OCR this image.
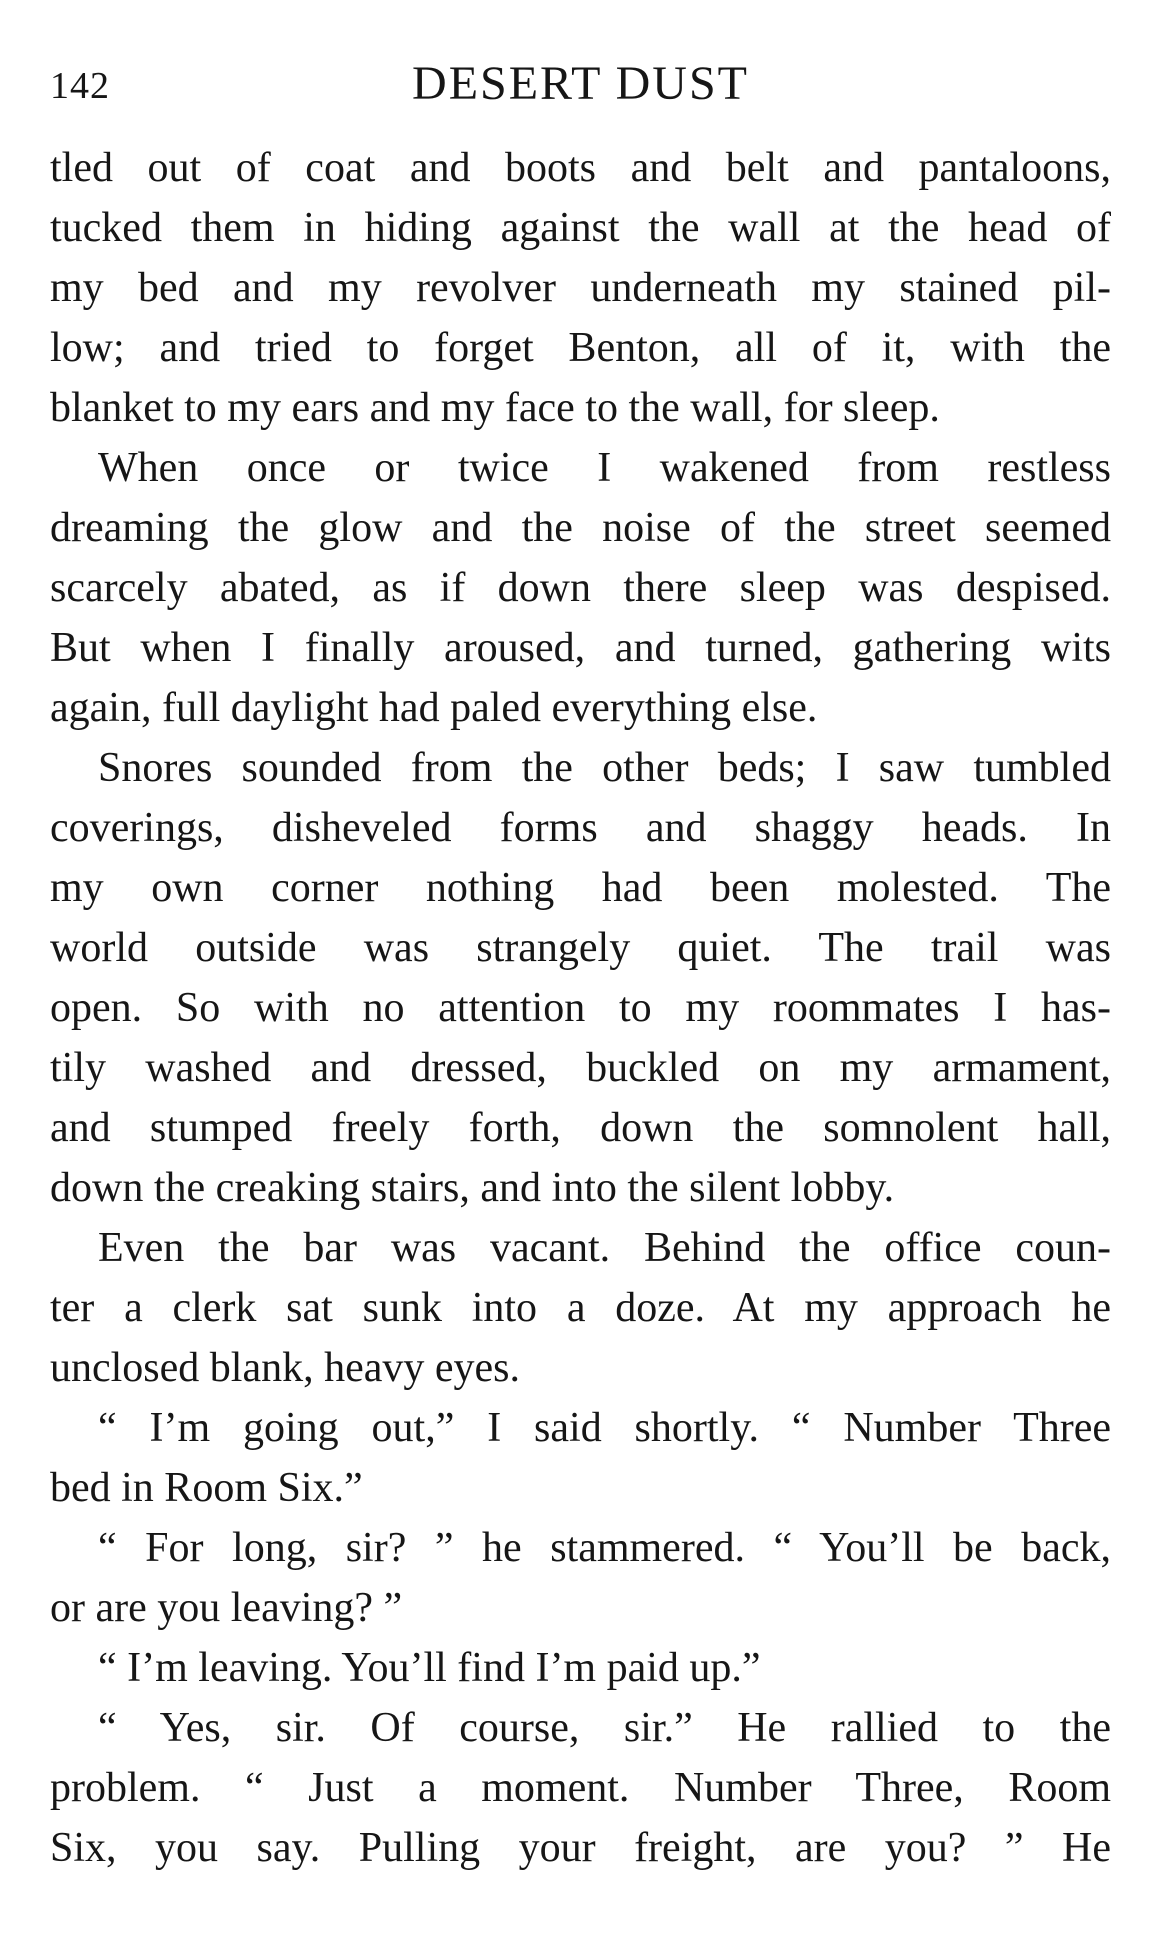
142	DESERT DUST
tled out of coat and boots and belt and pantaloons,
tucked them in hiding against the wall at the head of
my bed and my revolver underneath my stained pil-
low; and tried to forget Benton, all of it, with the
blanket to my ears and my face to the wall, for sleep.
When once or twice I wakened from restless
dreaming the glow and the noise of the street seemed
scarcely abated, as if down there sleep was despised.
But when I finally aroused, and turned, gathering wits
again, full daylight had paled everything else.
Snores sounded from the other beds; I saw tumbled
coverings, disheveled forms and shaggy heads. In
my own corner nothing had been molested. The
world outside was strangely quiet. The trail was
open. So with no attention to my roommates I has-
tily washed and dressed, buckled on my armament,
and stumped freely forth, down the somnolent hall,
down the creaking stairs, and into the silent lobby.
Even the bar was vacant. Behind the office coun-
ter a clerk sat sunk into a doze. At my approach he
unclosed blank, heavy eyes.
“ I’m going out,” I said shortly. “ Number Three
bed in Room Six.”
“ For long, sir? ” he stammered. “ You’ll be back,
or are you leaving? ”
“ I’m leaving. You’ll find I’m paid up.”
“ Yes, sir. Of course, sir.” He rallied to the
problem. “ Just a moment. Number Three, Room
Six, you say. Pulling your freight, are you? ” He
